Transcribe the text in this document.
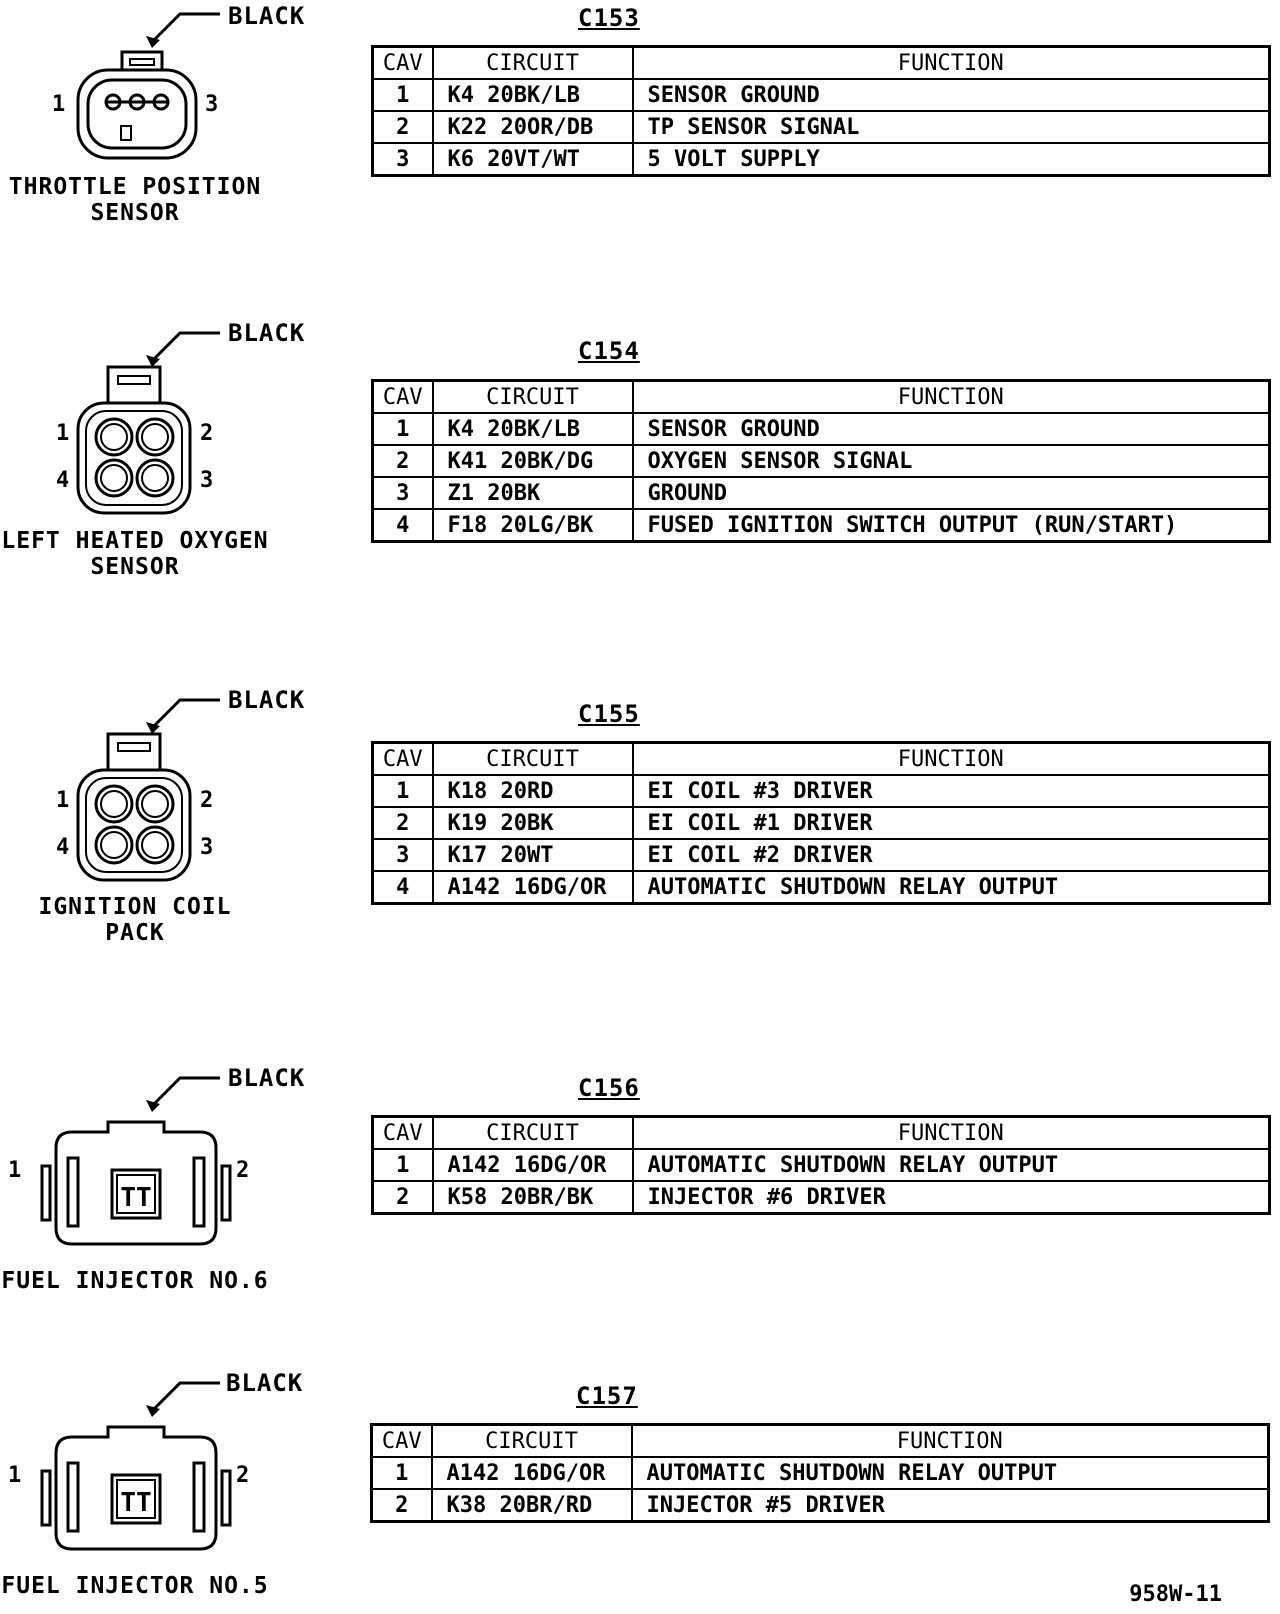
BLACK
1	3
THROTTLE POSITION
SENSOR
C153
CAV	CIRCUIT	FUNCTION
1	K4 20BK/LB	SENSOR GROUND
2	K22 20OR/DB	TP SENSOR SIGNAL
3	K6 20VT/WT	5 VOLT SUPPLY
BLACK
1	2
4	3
LEFT HEATED OXYGEN
SENSOR
C154
CAV	CIRCUIT	FUNCTION
1	K4 20BK/LB	SENSOR GROUND
2	K41 20BK/DG	OXYGEN SENSOR SIGNAL
3	Z1 20BK	GROUND
4	F18 20LG/BK	FUSED IGNITION SWITCH OUTPUT (RUN/START)
BLACK
1	2
4	3
IGNITION COIL
PACK
C155
CAV	CIRCUIT	FUNCTION
1	K18 20RD	EI COIL #3 DRIVER
2	K19 20BK	EI COIL #1 DRIVER
3	K17 20WT	EI COIL #2 DRIVER
4	A142 16DG/OR	AUTOMATIC SHUTDOWN RELAY OUTPUT
TT
BLACK
1	2
FUEL INJECTOR NO.6
C156
CAV	CIRCUIT	FUNCTION
1	A142 16DG/OR	AUTOMATIC SHUTDOWN RELAY OUTPUT
2	K58 20BR/BK	INJECTOR #6 DRIVER
TT
BLACK
1	2
FUEL INJECTOR NO.5
C157
CAV	CIRCUIT	FUNCTION
1	A142 16DG/OR	AUTOMATIC SHUTDOWN RELAY OUTPUT
2	K38 20BR/RD	INJECTOR #5 DRIVER
958W-11
